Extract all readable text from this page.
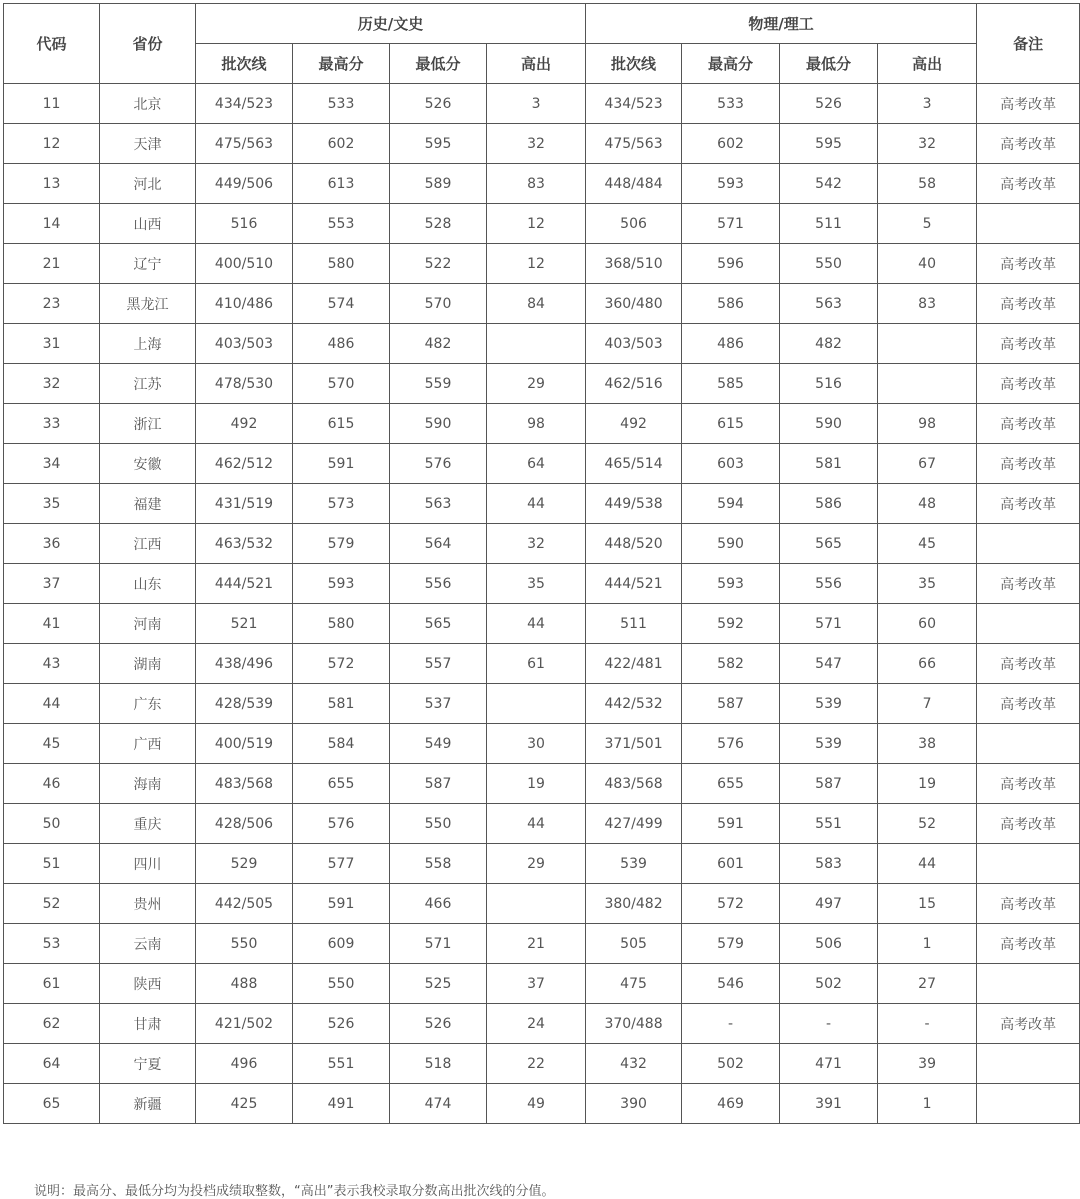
代码	省份	历史/文史				物理/理工				备注
		批次线	最高分	最低分	高出	批次线	最高分	最低分	高出	
11	北京	434/523	533	526	3	434/523	533	526	3	高考改革
12	天津	475/563	602	595	32	475/563	602	595	32	高考改革
13	河北	449/506	613	589	83	448/484	593	542	58	高考改革
14	山西	516	553	528	12	506	571	511	5	
21	辽宁	400/510	580	522	12	368/510	596	550	40	高考改革
23	黑龙江	410/486	574	570	84	360/480	586	563	83	高考改革
31	上海	403/503	486	482		403/503	486	482		高考改革
32	江苏	478/530	570	559	29	462/516	585	516		高考改革
33	浙江	492	615	590	98	492	615	590	98	高考改革
34	安徽	462/512	591	576	64	465/514	603	581	67	高考改革
35	福建	431/519	573	563	44	449/538	594	586	48	高考改革
36	江西	463/532	579	564	32	448/520	590	565	45	
37	山东	444/521	593	556	35	444/521	593	556	35	高考改革
41	河南	521	580	565	44	511	592	571	60	
43	湖南	438/496	572	557	61	422/481	582	547	66	高考改革
44	广东	428/539	581	537		442/532	587	539	7	高考改革
45	广西	400/519	584	549	30	371/501	576	539	38	
46	海南	483/568	655	587	19	483/568	655	587	19	高考改革
50	重庆	428/506	576	550	44	427/499	591	551	52	高考改革
51	四川	529	577	558	29	539	601	583	44	
52	贵州	442/505	591	466		380/482	572	497	15	高考改革
53	云南	550	609	571	21	505	579	506	1	高考改革
61	陕西	488	550	525	37	475	546	502	27	
62	甘肃	421/502	526	526	24	370/488	-	-	-	高考改革
64	宁夏	496	551	518	22	432	502	471	39	
65	新疆	425	491	474	49	390	469	391	1	
说明：最高分、最低分均为投档成绩取整数，“高出”表示我校录取分数高出批次线的分值。
